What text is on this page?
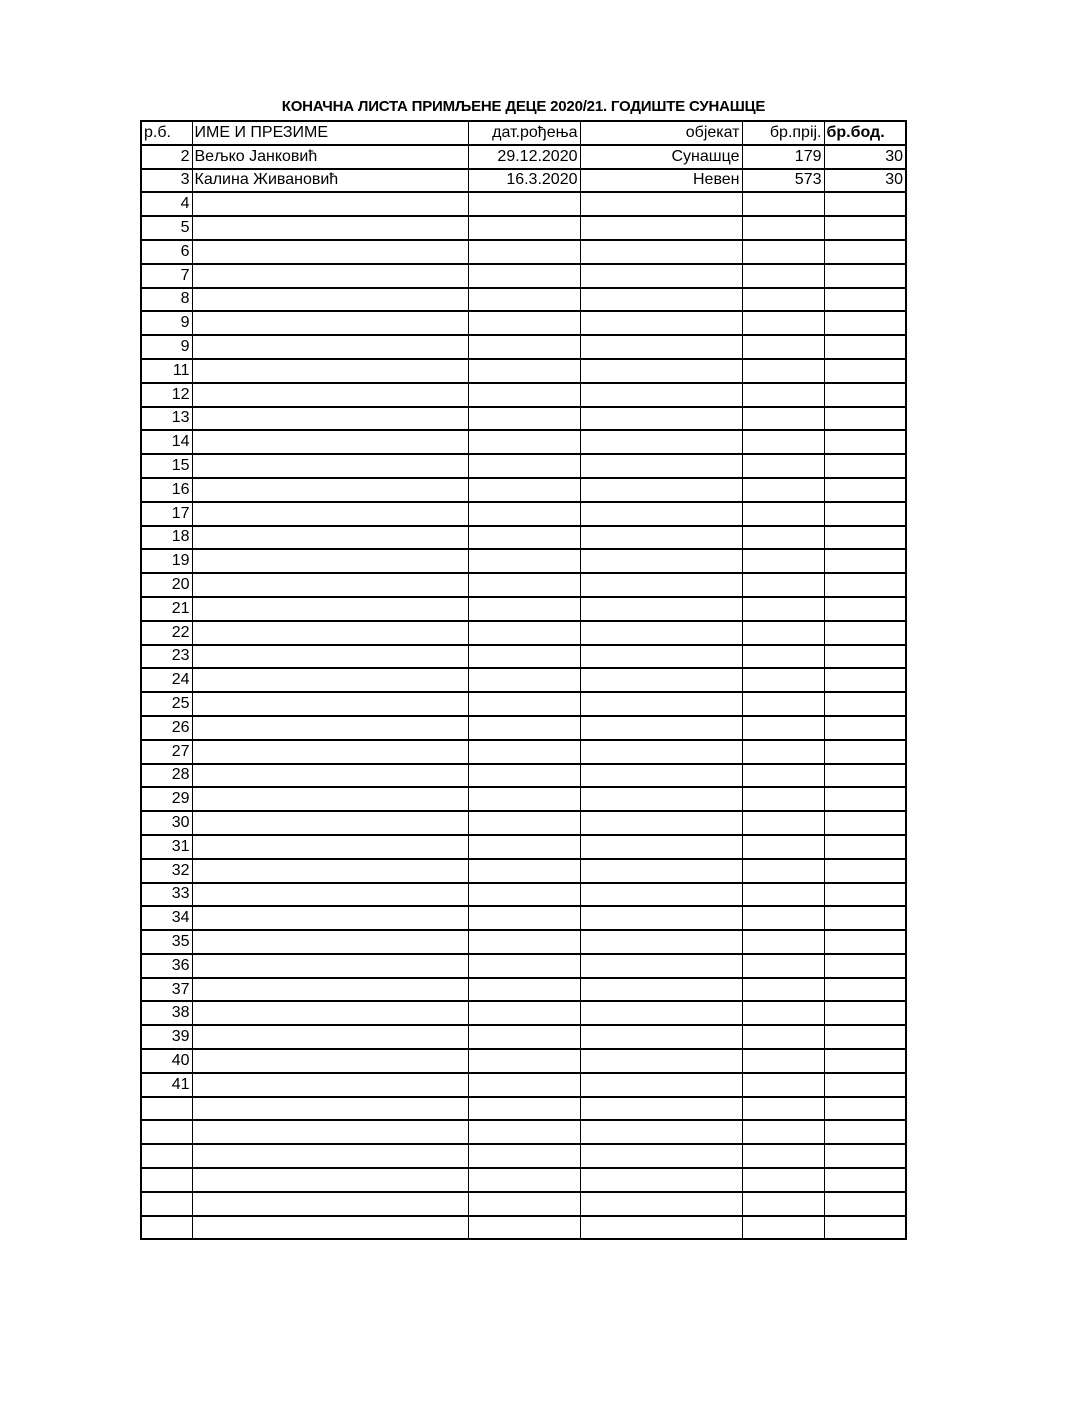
КОНАЧНА ЛИСТА ПРИМЉЕНЕ ДЕЦЕ 2020/21. ГОДИШТЕ СУНАШЦЕ
р.б.	ИМЕ И ПРЕЗИМЕ	дат.рођења	објекат	бр.прij.	бр.бод.
2	Вељко Јанковић	29.12.2020	Сунашце	179	30
3	Калина Живановић	16.3.2020	Невен	573	30
4					
5					
6					
7					
8					
9					
9					
11					
12					
13					
14					
15					
16					
17					
18					
19					
20					
21					
22					
23					
24					
25					
26					
27					
28					
29					
30					
31					
32					
33					
34					
35					
36					
37					
38					
39					
40					
41					
